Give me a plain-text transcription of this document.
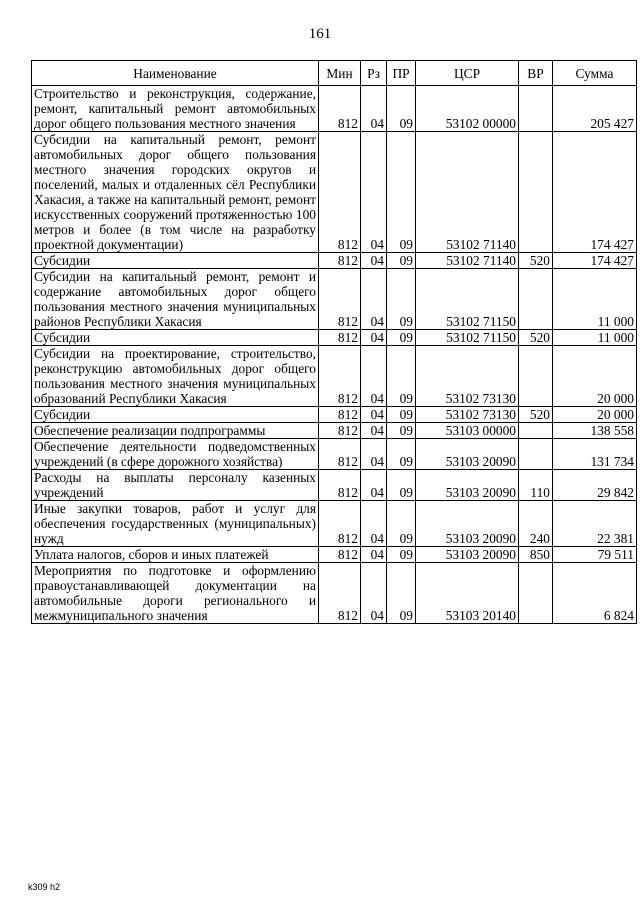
161
Наименование	Мин	Рз	ПР	ЦСР	ВР	Сумма
Строительство и реконструкция, содержание, ремонт, капитальный ремонт автомобильных дорог общего пользования местного значения	812	04	09	53102 00000		205 427
Субсидии на капитальный ремонт, ремонт автомобильных дорог общего пользования местного значения городских округов и поселений, малых и отдаленных сёл Республики Хакасия, а также на капитальный ремонт, ремонт искусственных сооружений протяженностью 100 метров и более (в том числе на разработку проектной документации)	812	04	09	53102 71140		174 427
Субсидии	812	04	09	53102 71140	520	174 427
Субсидии на капитальный ремонт, ремонт и содержание автомобильных дорог общего пользования местного значения муниципальных районов Республики Хакасия	812	04	09	53102 71150		11 000
Субсидии	812	04	09	53102 71150	520	11 000
Субсидии на проектирование, строительство, реконструкцию автомобильных дорог общего пользования местного значения муниципальных образований Республики Хакасия	812	04	09	53102 73130		20 000
Субсидии	812	04	09	53102 73130	520	20 000
Обеспечение реализации подпрограммы	812	04	09	53103 00000		138 558
Обеспечение деятельности подведомственных учреждений (в сфере дорожного хозяйства)	812	04	09	53103 20090		131 734
Расходы на выплаты персоналу казенных учреждений	812	04	09	53103 20090	110	29 842
Иные закупки товаров, работ и услуг для обеспечения государственных (муниципальных) нужд	812	04	09	53103 20090	240	22 381
Уплата налогов, сборов и иных платежей	812	04	09	53103 20090	850	79 511
Мероприятия по подготовке и оформлению правоустанавливающей документации на автомобильные дороги регионального и межмуниципального значения	812	04	09	53103 20140		6 824
k309 h2
